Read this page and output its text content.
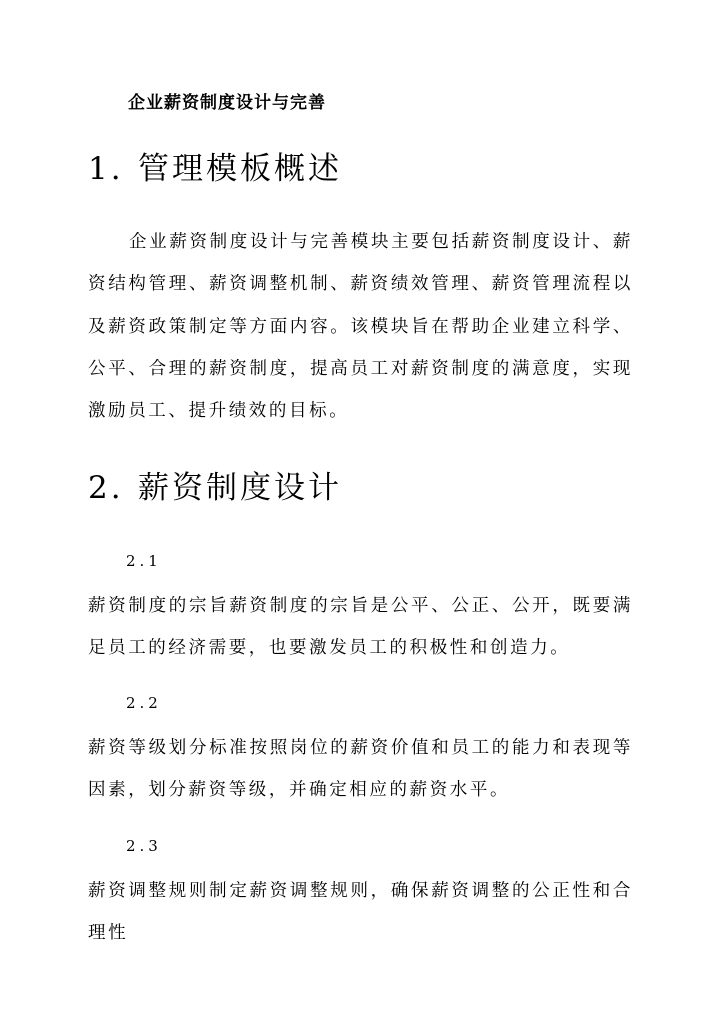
企业薪资制度设计与完善
1. 管理模板概述
企业薪资制度设计与完善模块主要包括薪资制度设计、薪资结构管理、薪资调整机制、薪资绩效管理、薪资管理流程以及薪资政策制定等方面内容。该模块旨在帮助企业建立科学、公平、合理的薪资制度，提高员工对薪资制度的满意度，实现激励员工、提升绩效的目标。
2. 薪资制度设计
2.1
薪资制度的宗旨薪资制度的宗旨是公平、公正、公开，既要满足员工的经济需要，也要激发员工的积极性和创造力。
2.2
薪资等级划分标准按照岗位的薪资价值和员工的能力和表现等因素，划分薪资等级，并确定相应的薪资水平。
2.3
薪资调整规则制定薪资调整规则，确保薪资调整的公正性和合理性
